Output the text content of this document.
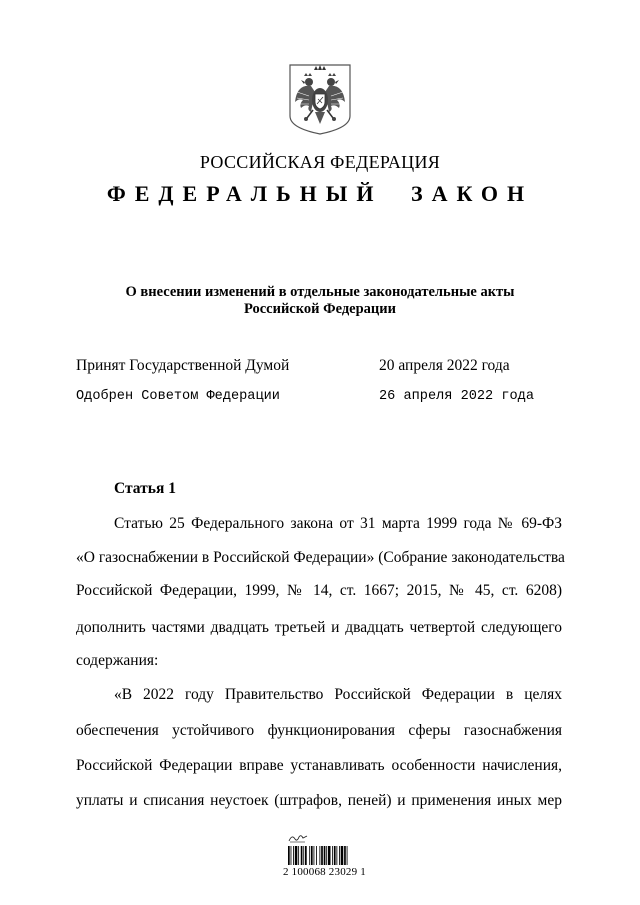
РОССИЙСКАЯ ФЕДЕРАЦИЯ
ФЕДЕРАЛЬНЫЙ ЗАКОН
О внесении изменений в отдельные законодательные акты
Российской Федерации
Принят Государственной Думой	20 апреля 2022 года
Одобрен Советом Федерации	26 апреля 2022 года
Статья 1
Статью 25 Федерального закона от 31 марта 1999 года № 69-ФЗ
«О газоснабжении в Российской Федерации» (Собрание законодательства
Российской Федерации, 1999, № 14, ст. 1667; 2015, № 45, ст. 6208)
дополнить частями двадцать третьей и двадцать четвертой следующего
содержания:
«В 2022 году Правительство Российской Федерации в целях
обеспечения устойчивого функционирования сферы газоснабжения
Российской Федерации вправе устанавливать особенности начисления,
уплаты и списания неустоек (штрафов, пеней) и применения иных мер
2 100068 23029 1
